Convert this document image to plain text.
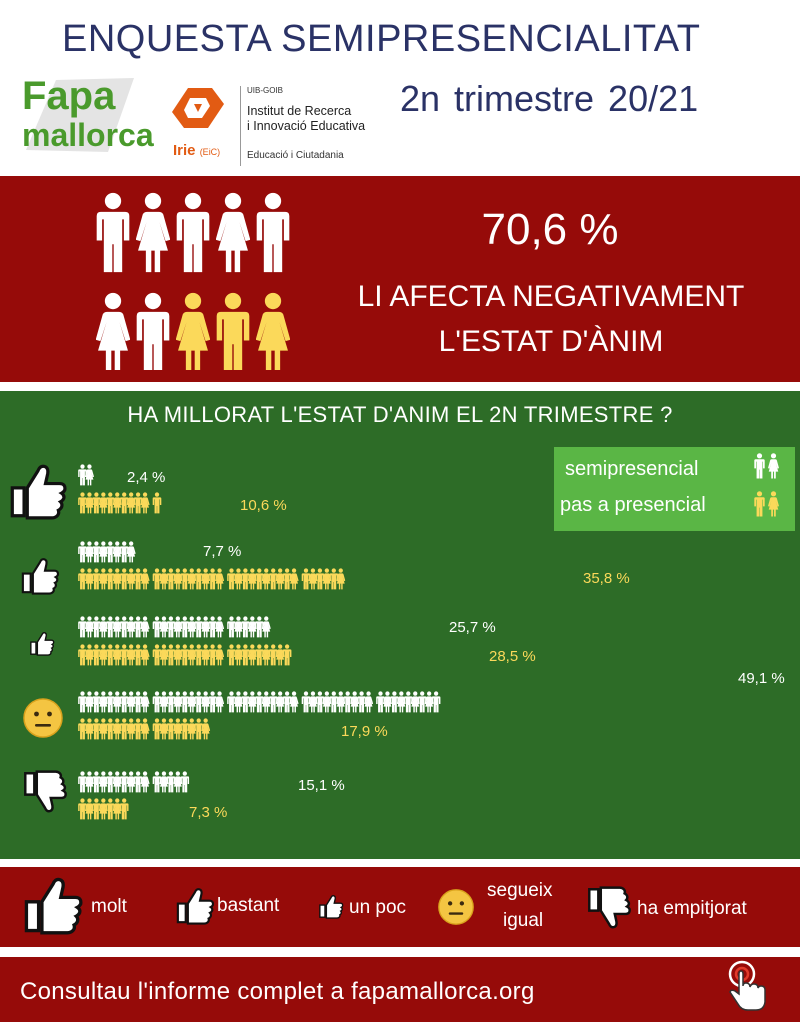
ENQUESTA SEMIPRESENCIALITAT
2n trimestre 20/21
Fapa
mallorca Irie (EiC)
UIB-GOIB
Institut de Recerca
i Innovació Educativa
Educació i Ciutadania
70,6 %
LI AFECTA NEGATIVAMENT
L'ESTAT D'ÀNIM
HA MILLORAT L'ESTAT D'ANIM EL 2N TRIMESTRE ?
semipresencial
pas a presencial
2,4 %
10,6 %
7,7 %
35,8 %
25,7 %
28,5 %
49,1 %
17,9 %
15,1 %
7,3 %
molt	bastant	un poc
segueix
igual
ha empitjorat
Consultau l'informe complet a fapamallorca.org
